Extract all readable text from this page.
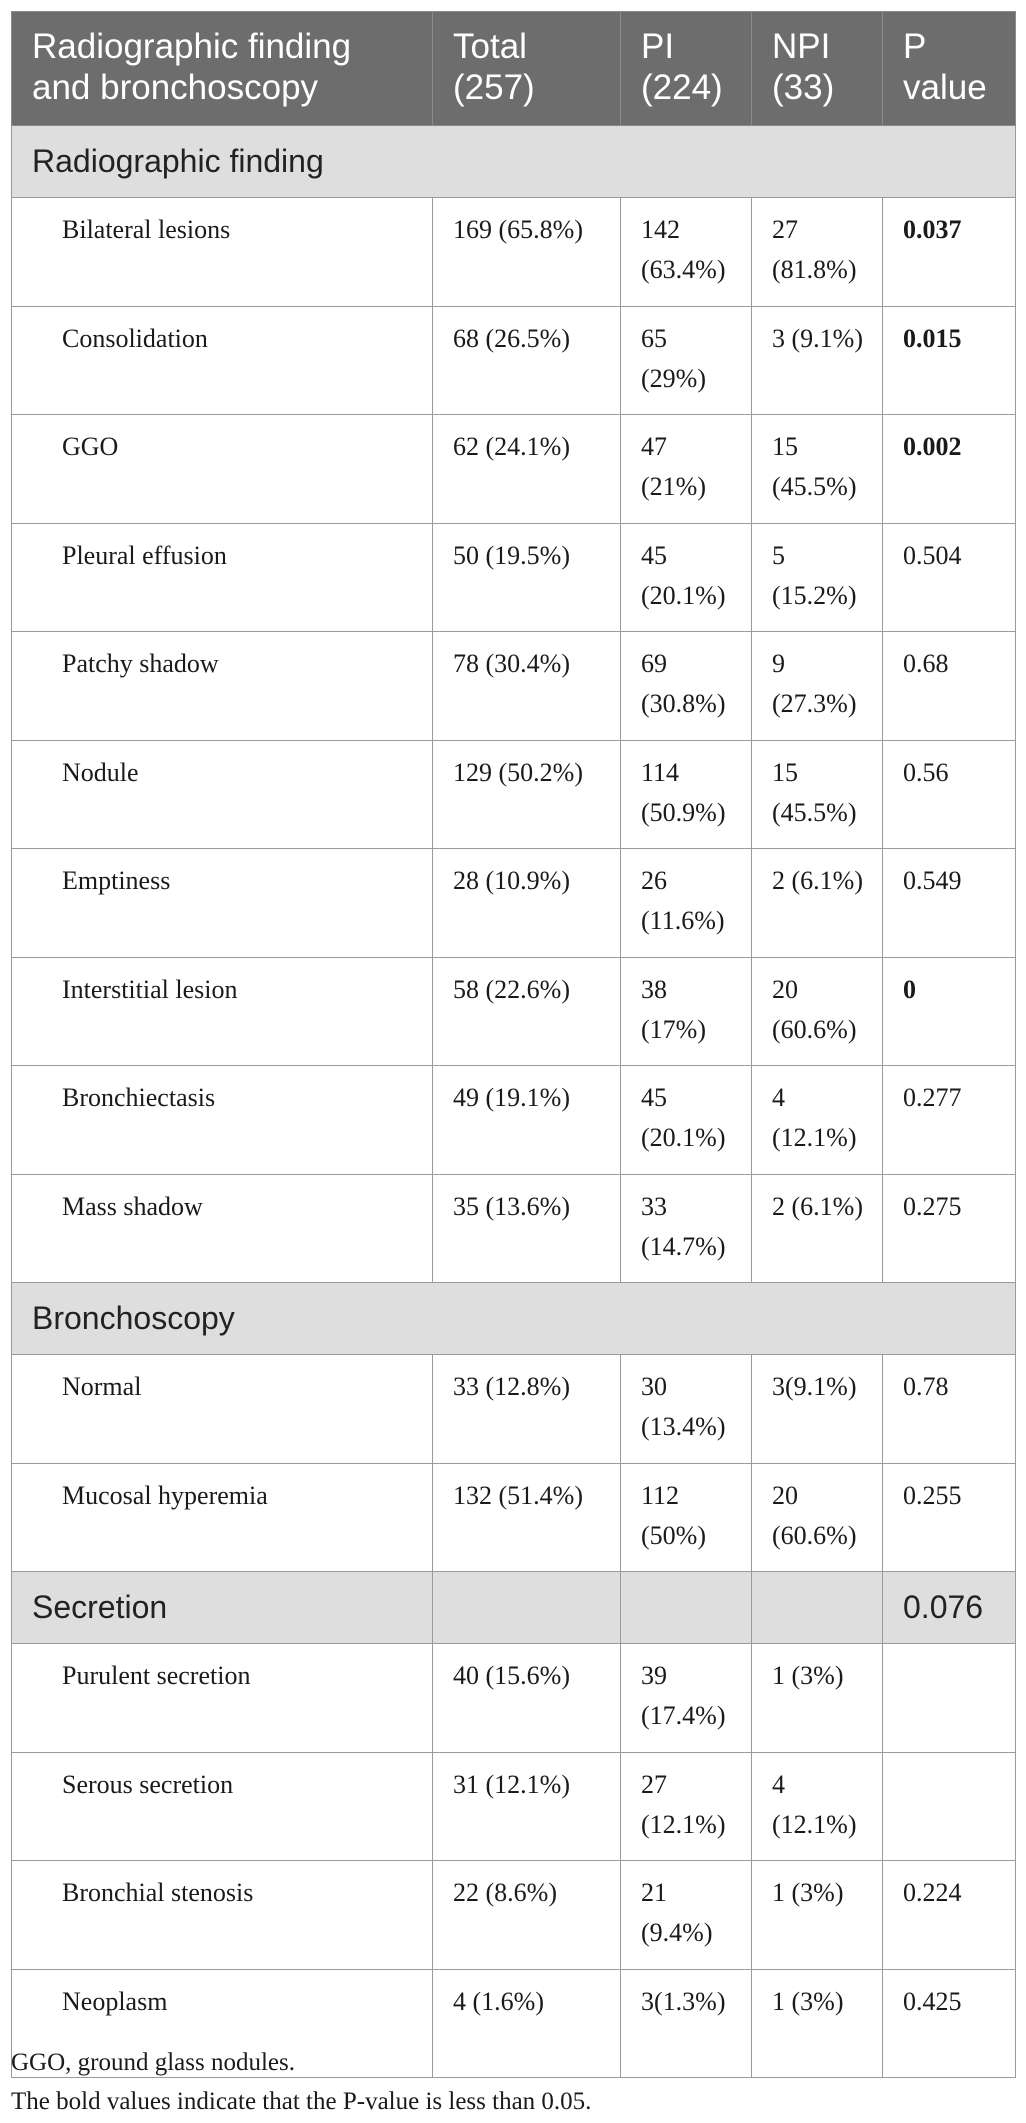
Radiographic finding and bronchoscopy	Total (257)	PI (224)	NPI (33)	P value
Radiographic finding				
Bilateral lesions	169 (65.8%)	142 (63.4%)	27 (81.8%)	0.037
Consolidation	68 (26.5%)	65 (29%)	3 (9.1%)	0.015
GGO	62 (24.1%)	47 (21%)	15 (45.5%)	0.002
Pleural effusion	50 (19.5%)	45 (20.1%)	5 (15.2%)	0.504
Patchy shadow	78 (30.4%)	69 (30.8%)	9 (27.3%)	0.68
Nodule	129 (50.2%)	114 (50.9%)	15 (45.5%)	0.56
Emptiness	28 (10.9%)	26 (11.6%)	2 (6.1%)	0.549
Interstitial lesion	58 (22.6%)	38 (17%)	20 (60.6%)	0
Bronchiectasis	49 (19.1%)	45 (20.1%)	4 (12.1%)	0.277
Mass shadow	35 (13.6%)	33 (14.7%)	2 (6.1%)	0.275
Bronchoscopy				
Normal	33 (12.8%)	30 (13.4%)	3(9.1%)	0.78
Mucosal hyperemia	132 (51.4%)	112 (50%)	20 (60.6%)	0.255
Secretion				0.076
Purulent secretion	40 (15.6%)	39 (17.4%)	1 (3%)	
Serous secretion	31 (12.1%)	27 (12.1%)	4 (12.1%)	
Bronchial stenosis	22 (8.6%)	21 (9.4%)	1 (3%)	0.224
Neoplasm	4 (1.6%)	3(1.3%)	1 (3%)	0.425
GGO, ground glass nodules.
The bold values indicate that the P-value is less than 0.05.
